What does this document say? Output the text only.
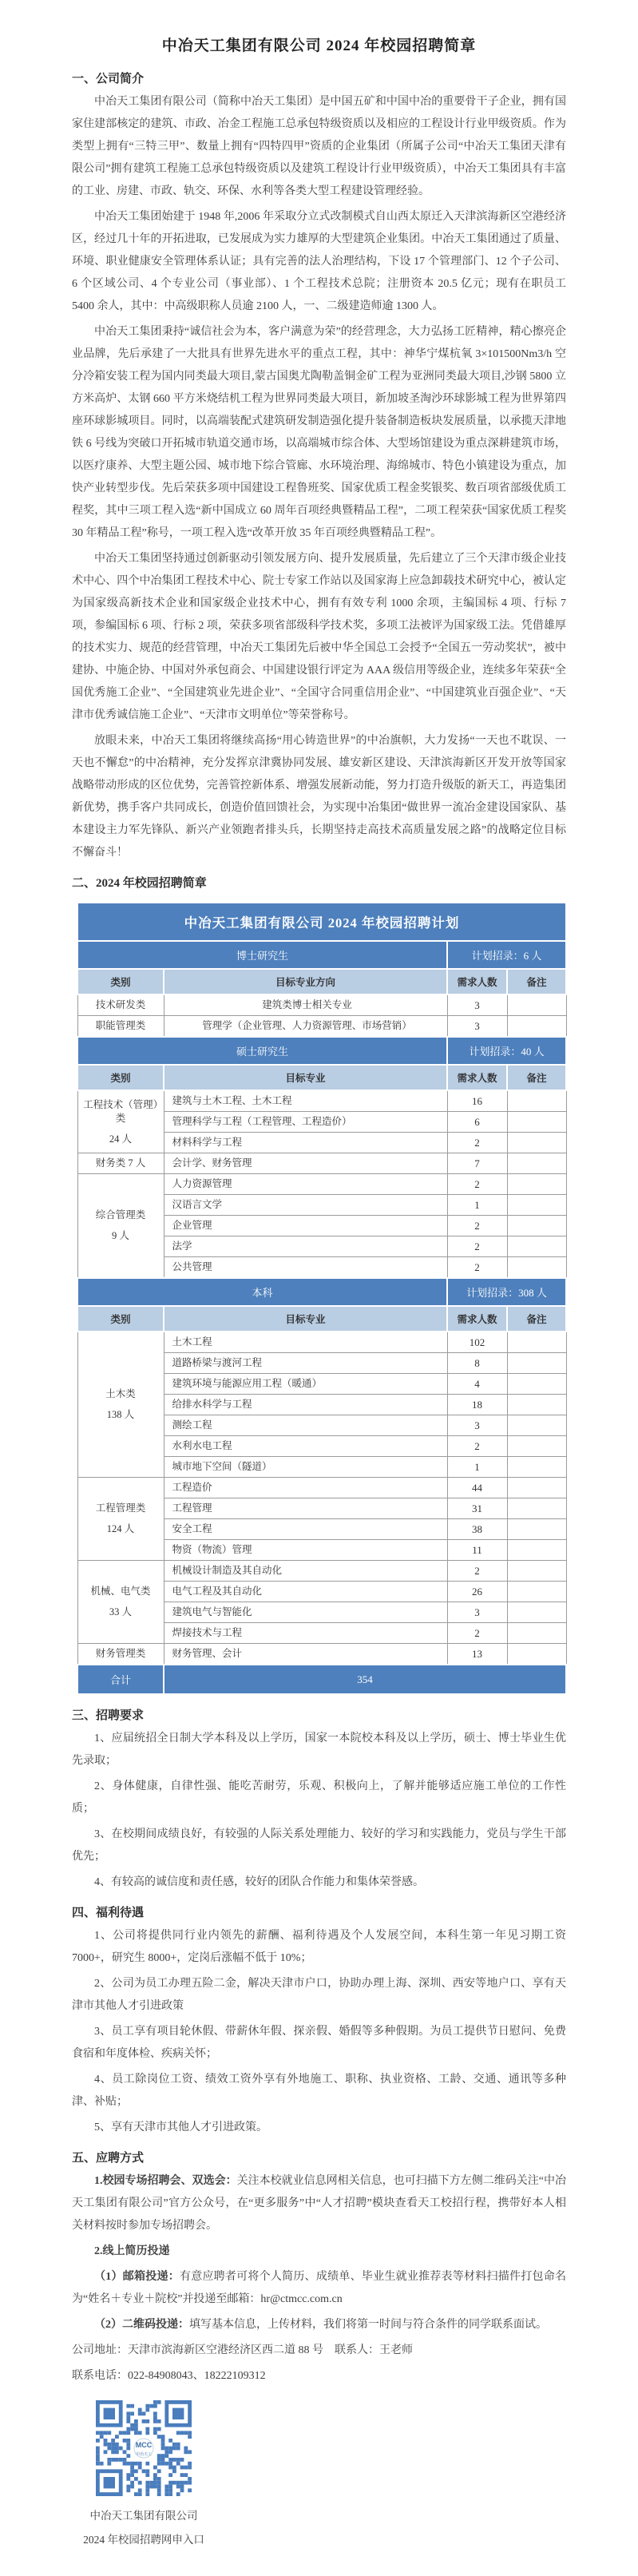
中冶天工集团有限公司 2024 年校园招聘简章
一、公司简介

中冶天工集团有限公司（简称中冶天工集团）是中国五矿和中国中冶的重要骨干子企业，拥有国家住建部核定的建筑、市政、冶金工程施工总承包特级资质以及相应的工程设计行业甲级资质。作为类型上拥有“三特三甲”、数量上拥有“四特四甲”资质的企业集团（所属子公司“中冶天工集团天津有限公司”拥有建筑工程施工总承包特级资质以及建筑工程设计行业甲级资质），中冶天工集团具有丰富的工业、房建、市政、轨交、环保、水利等各类大型工程建设管理经验。

中冶天工集团始建于 1948 年,2006 年采取分立式改制模式自山西太原迁入天津滨海新区空港经济区，经过几十年的开拓进取，已发展成为实力雄厚的大型建筑企业集团。中冶天工集团通过了质量、环境、职业健康安全管理体系认证；具有完善的法人治理结构，下设 17 个管理部门、12 个子公司、6 个区域公司、4 个专业公司（事业部）、1 个工程技术总院；注册资本 20.5 亿元；现有在职员工 5400 余人，其中：中高级职称人员逾 2100 人，一、二级建造师逾 1300 人。

中冶天工集团秉持“诚信社会为本，客户满意为荣”的经营理念，大力弘扬工匠精神，精心擦亮企业品牌，先后承建了一大批具有世界先进水平的重点工程，其中：神华宁煤杭氧 3×101500Nm3/h 空分冷箱安装工程为国内同类最大项目,蒙古国奥尤陶勒盖铜金矿工程为亚洲同类最大项目,沙钢 5800 立方米高炉、太钢 660 平方米烧结机工程为世界同类最大项目，新加坡圣淘沙环球影城工程为世界第四座环球影城项目。同时，以高端装配式建筑研发制造强化提升装备制造板块发展质量，以承揽天津地铁 6 号线为突破口开拓城市轨道交通市场，以高端城市综合体、大型场馆建设为重点深耕建筑市场，以医疗康养、大型主题公园、城市地下综合管廊、水环境治理、海绵城市、特色小镇建设为重点，加快产业转型步伐。先后荣获多项中国建设工程鲁班奖、国家优质工程金奖银奖、数百项省部级优质工程奖，其中三项工程入选“新中国成立 60 周年百项经典暨精品工程”，二项工程荣获“国家优质工程奖 30 年精品工程”称号，一项工程入选“改革开放 35 年百项经典暨精品工程”。

中冶天工集团坚持通过创新驱动引领发展方向、提升发展质量，先后建立了三个天津市级企业技术中心、四个中冶集团工程技术中心、院士专家工作站以及国家海上应急卸载技术研究中心，被认定为国家级高新技术企业和国家级企业技术中心，拥有有效专利 1000 余项，主编国标 4 项、行标 7 项，参编国标 6 项、行标 2 项，荣获多项省部级科学技术奖，多项工法被评为国家级工法。凭借雄厚的技术实力、规范的经营管理，中冶天工集团先后被中华全国总工会授予“全国五一劳动奖状”，被中建协、中施企协、中国对外承包商会、中国建设银行评定为 AAA 级信用等级企业，连续多年荣获“全国优秀施工企业”、“全国建筑业先进企业”、“全国守合同重信用企业”、“中国建筑业百强企业”、“天津市优秀诚信施工企业”、“天津市文明单位”等荣誉称号。

放眼未来，中冶天工集团将继续高扬“用心铸造世界”的中冶旗帜，大力发扬“一天也不耽误、一天也不懈怠”的中冶精神，充分发挥京津冀协同发展、雄安新区建设、天津滨海新区开发开放等国家战略带动形成的区位优势，完善管控新体系、增强发展新动能，努力打造升级版的新天工，再造集团新优势，携手客户共同成长，创造价值回馈社会，为实现中冶集团“做世界一流冶金建设国家队、基本建设主力军先锋队、新兴产业领跑者排头兵，长期坚持走高技术高质量发展之路”的战略定位目标不懈奋斗！

二、2024 年校园招聘简章
中冶天工集团有限公司 2024 年校园招聘计划			
博士研究生		计划招录：6 人	
类别	目标专业方向	需求人数	备注
技术研发类	建筑类博士相关专业	3	
职能管理类	管理学（企业管理、人力资源管理、市场营销）	3	
硕士研究生		计划招录：40 人	
类别	目标专业	需求人数	备注

工程技术（管理）类
24 人	建筑与土木工程、土木工程	16	
	管理科学与工程（工程管理、工程造价）	6	
	材料科学与工程	2	
财务类 7 人	会计学、财务管理	7	

综合管理类
9 人	人力资源管理	2	
	汉语言文学	1	
	企业管理	2	
	法学	2	
	公共管理	2	
本科		计划招录：308 人	
类别	目标专业	需求人数	备注

土木类
138 人	土木工程	102	
	道路桥梁与渡河工程	8	
	建筑环境与能源应用工程（暖通）	4	
	给排水科学与工程	18	
	测绘工程	3	
	水利水电工程	2	
	城市地下空间（隧道）	1	

工程管理类
124 人	工程造价	44	
	工程管理	31	
	安全工程	38	
	物资（物流）管理	11	

机械、电气类
33 人	机械设计制造及其自动化	2	
	电气工程及其自动化	26	
	建筑电气与智能化	3	
	焊接技术与工程	2	
财务管理类	财务管理、会计	13	
合计	354		
三、招聘要求

1、应届统招全日制大学本科及以上学历，国家一本院校本科及以上学历，硕士、博士毕业生优先录取；

2、身体健康，自律性强、能吃苦耐劳，乐观、积极向上，了解并能够适应施工单位的工作性质；

3、在校期间成绩良好，有较强的人际关系处理能力、较好的学习和实践能力，党员与学生干部优先；

4、有较高的诚信度和责任感，较好的团队合作能力和集体荣誉感。

四、福利待遇

1、公司将提供同行业内领先的薪酬、福利待遇及个人发展空间，本科生第一年见习期工资 7000+，研究生 8000+，定岗后涨幅不低于 10%；

2、公司为员工办理五险二金，解决天津市户口，协助办理上海、深圳、西安等地户口、享有天津市其他人才引进政策

3、员工享有项目轮休假、带薪休年假、探亲假、婚假等多种假期。为员工提供节日慰问、免费食宿和年度体检、疾病关怀；

4、员工除岗位工资、绩效工资外享有外地施工、职称、执业资格、工龄、交通、通讯等多种津、补贴；

5、享有天津市其他人才引进政策。

五、应聘方式

1.校园专场招聘会、双选会：关注本校就业信息网相关信息，也可扫描下方左侧二维码关注“中冶天工集团有限公司”官方公众号，在“更多服务”中“人才招聘”模块查看天工校招行程，携带好本人相关材料按时参加专场招聘会。

2.线上简历投递

（1）邮箱投递：有意应聘者可将个人简历、成绩单、毕业生就业推荐表等材料扫描件打包命名为“姓名＋专业＋院校”并投递至邮箱：hr@ctmcc.com.cn

（2）二维码投递：填写基本信息，上传材料，我们将第一时间与符合条件的同学联系面试。

公司地址：天津市滨海新区空港经济区西二道 88 号　联系人：王老师

联系电话：022-84908043、18222109312

MCC
中冶天工

中冶天工集团有限公司

2024 年校园招聘网申入口
